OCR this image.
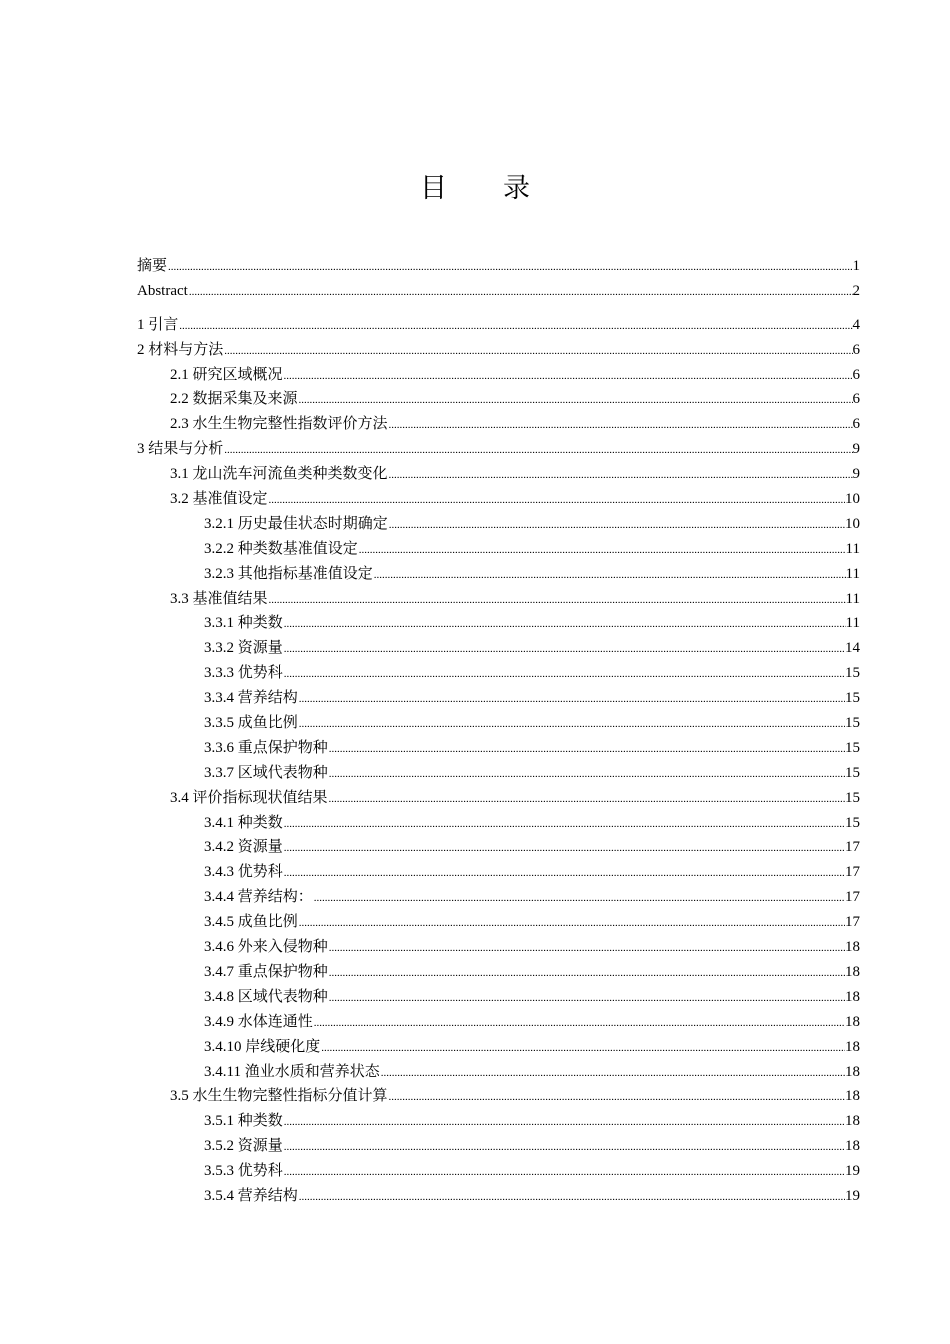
目 录
摘要 .....	1
Abstract .....	2
1 引言 .....	4
2 材料与方法 .....	6
2.1 研究区域概况 .....	6
2.2 数据采集及来源 .....	6
2.3 水生生物完整性指数评价方法 .....	6
3 结果与分析 .....	9
3.1 龙山洗车河流鱼类种类数变化 .....	9
3.2 基准值设定 .....	10
3.2.1 历史最佳状态时期确定 .....	10
3.2.2 种类数基准值设定 .....	11
3.2.3 其他指标基准值设定 .....	11
3.3 基准值结果 .....	11
3.3.1 种类数 .....	11
3.3.2 资源量 .....	14
3.3.3 优势科 .....	15
3.3.4 营养结构 .....	15
3.3.5 成鱼比例 .....	15
3.3.6 重点保护物种 .....	15
3.3.7 区域代表物种 .....	15
3.4 评价指标现状值结果 .....	15
3.4.1 种类数 .....	15
3.4.2 资源量 .....	17
3.4.3 优势科 .....	17
3.4.4 营养结构： .....	17
3.4.5 成鱼比例 .....	17
3.4.6 外来入侵物种 .....	18
3.4.7 重点保护物种 .....	18
3.4.8 区域代表物种 .....	18
3.4.9 水体连通性 .....	18
3.4.10 岸线硬化度 .....	18
3.4.11 渔业水质和营养状态 .....	18
3.5 水生生物完整性指标分值计算 .....	18
3.5.1 种类数 .....	18
3.5.2 资源量 .....	18
3.5.3 优势科 .....	19
3.5.4 营养结构 .....	19
